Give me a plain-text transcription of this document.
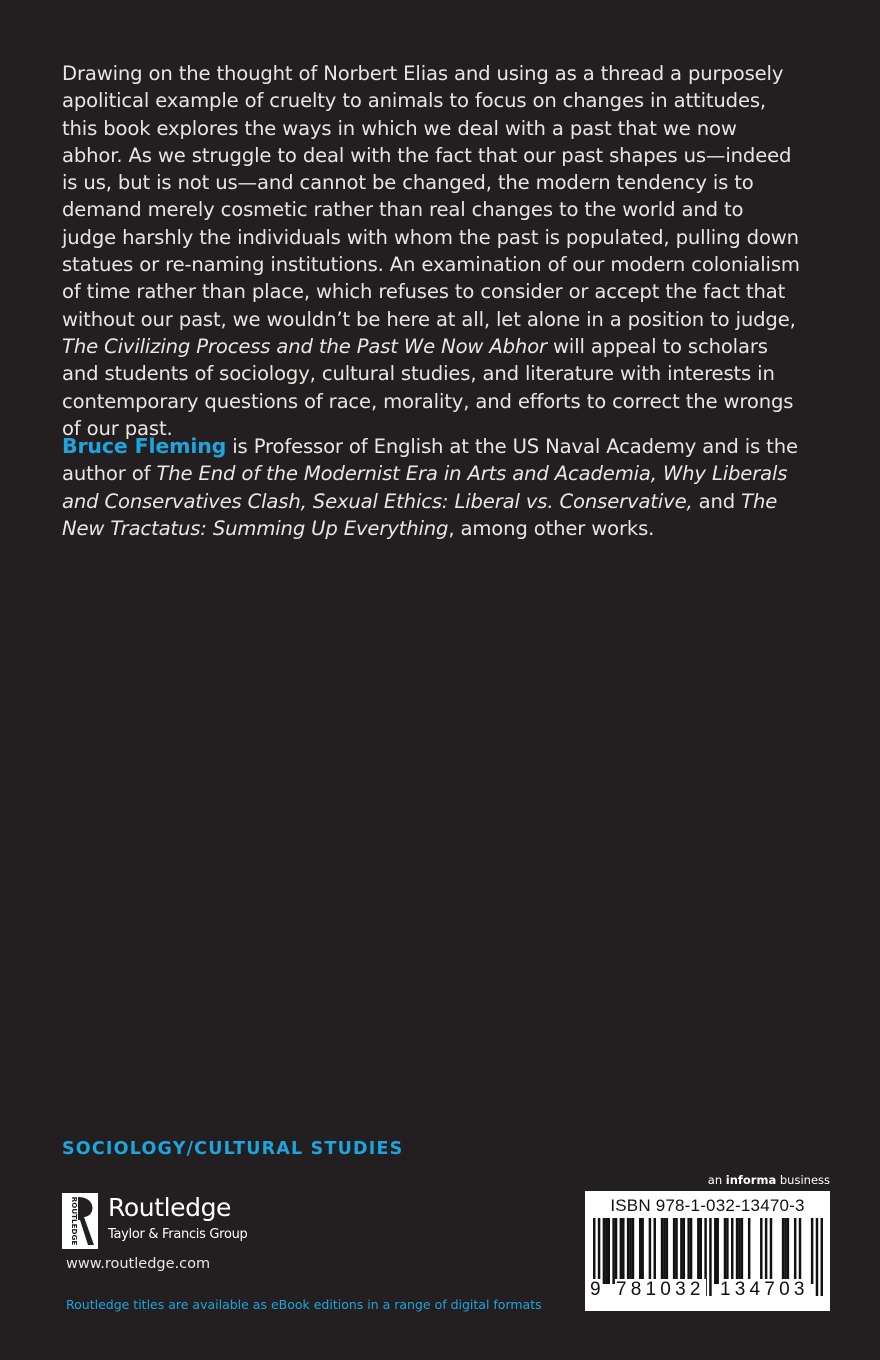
Drawing on the thought of Norbert Elias and using as a thread a purposely apolitical example of cruelty to animals to focus on changes in attitudes, this book explores the ways in which we deal with a past that we now abhor. As we struggle to deal with the fact that our past shapes us—indeed is us, but is not us—and cannot be changed, the modern tendency is to demand merely cosmetic rather than real changes to the world and to judge harshly the individuals with whom the past is populated, pulling down statues or re-naming institutions. An examination of our modern colonialism of time rather than place, which refuses to consider or accept the fact that without our past, we wouldn’t be here at all, let alone in a position to judge, The Civilizing Process and the Past We Now Abhor will appeal to scholars and students of sociology, cultural studies, and literature with interests in contemporary questions of race, morality, and efforts to correct the wrongs of our past.

Bruce Fleming is Professor of English at the US Naval Academy and is the author of The End of the Modernist Era in Arts and Academia, Why Liberals and Conservatives Clash, Sexual Ethics: Liberal vs. Conservative, and The New Tractatus: Summing Up Everything, among other works.

SOCIOLOGY/CULTURAL STUDIES
ROUTLEDGE Routledge
Taylor & Francis Group
www.routledge.com
Routledge titles are available as eBook editions in a range of digital formats
an informa business
ISBN 978-1-032-13470-3
9 781032 134703
